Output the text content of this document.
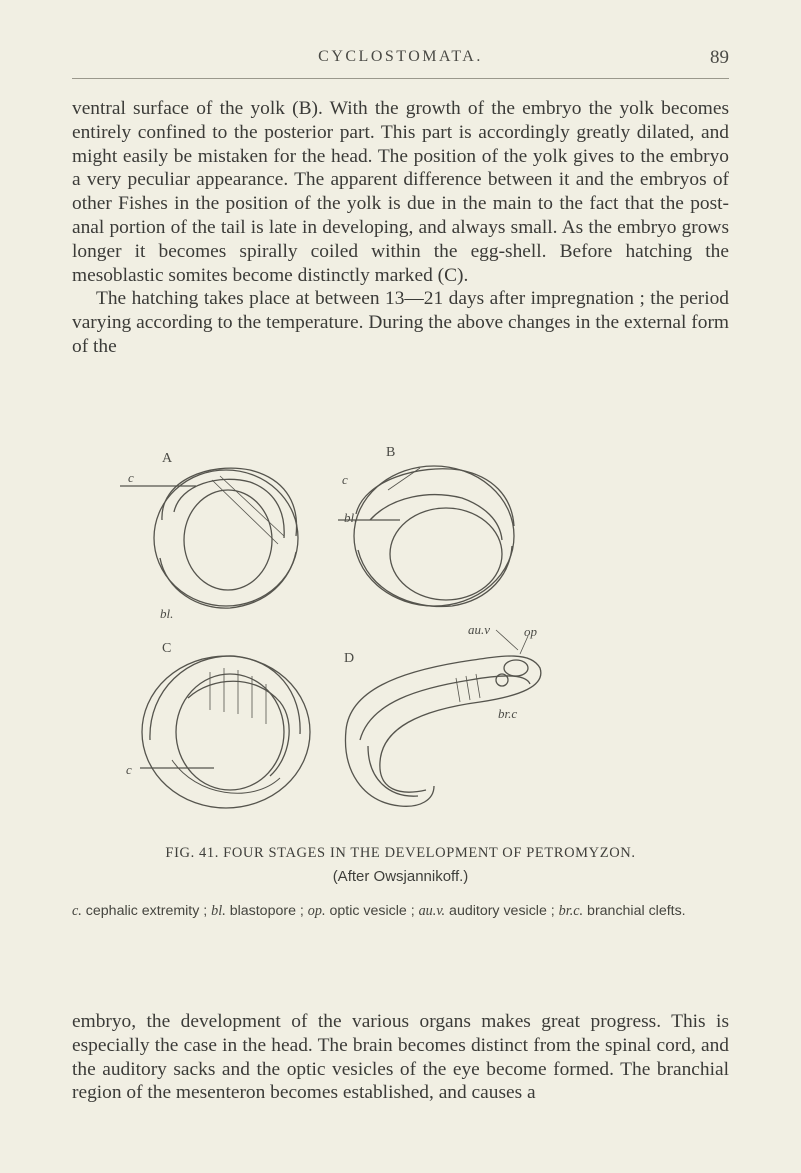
CYCLOSTOMATA.	89
ventral surface of the yolk (B). With the growth of the embryo the yolk becomes entirely confined to the posterior part. This part is accordingly greatly dilated, and might easily be mistaken for the head. The position of the yolk gives to the embryo a very peculiar appearance. The apparent difference between it and the embryos of other Fishes in the position of the yolk is due in the main to the fact that the post-anal portion of the tail is late in developing, and always small. As the embryo grows longer it becomes spirally coiled within the egg-shell. Before hatching the mesoblastic somites become distinctly marked (C).
The hatching takes place at between 13—21 days after impregnation ; the period varying according to the temperature. During the above changes in the external form of the
A
c
bl.
B
c
bl.
C
c
D
au.v	op
br.c
FIG. 41. FOUR STAGES IN THE DEVELOPMENT OF PETROMYZON.
(After Owsjannikoff.)

c. cephalic extremity ; bl. blastopore ; op. optic vesicle ; au.v. auditory vesicle ; br.c. branchial clefts.

embryo, the development of the various organs makes great progress. This is especially the case in the head. The brain becomes distinct from the spinal cord, and the auditory sacks and the optic vesicles of the eye become formed. The branchial region of the mesenteron becomes established, and causes a
